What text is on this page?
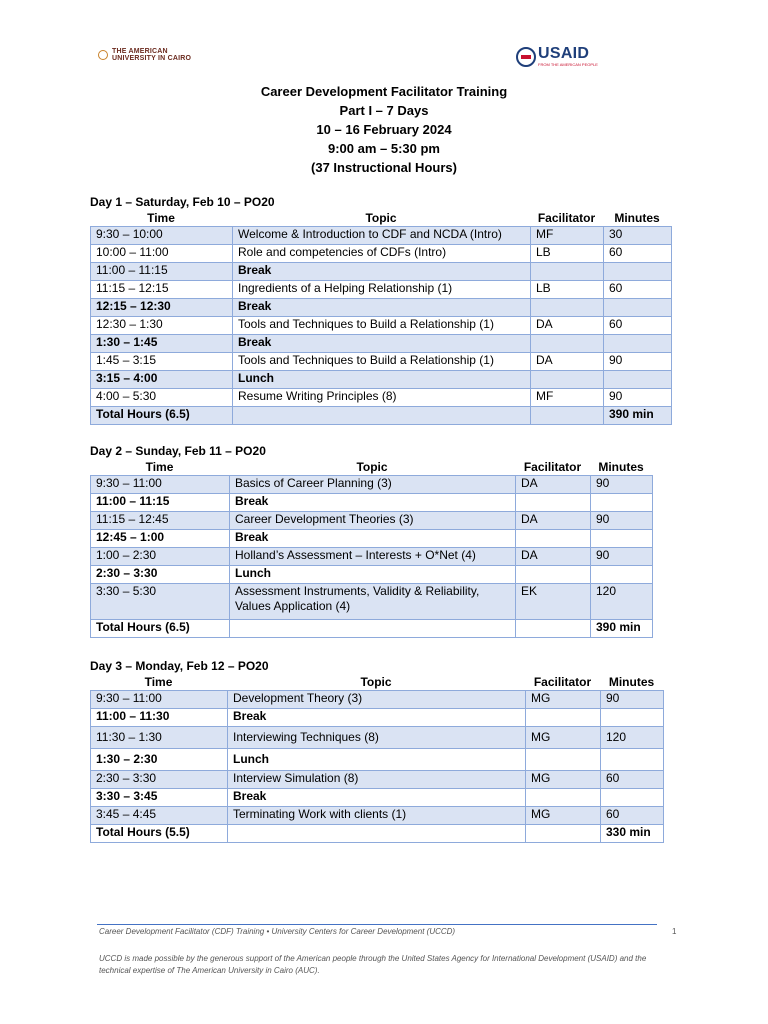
THE AMERICAN
UNIVERSITY IN CAIRO	USAID
FROM THE AMERICAN PEOPLE
Career Development Facilitator Training
Part I – 7 Days
10 – 16 February 2024
9:00 am – 5:30 pm
(37 Instructional Hours)
Day 1 – Saturday, Feb 10 – PO20
Time	Topic	Facilitator	Minutes
9:30 – 10:00	Welcome & Introduction to CDF and NCDA (Intro)	MF	30
10:00 – 11:00	Role and competencies of CDFs (Intro)	LB	60
11:00 – 11:15	Break		
11:15 – 12:15	Ingredients of a Helping Relationship (1)	LB	60
12:15 – 12:30	Break		
12:30 – 1:30	Tools and Techniques to Build a Relationship (1)	DA	60
1:30 – 1:45	Break		
1:45 – 3:15	Tools and Techniques to Build a Relationship (1)	DA	90
3:15 – 4:00	Lunch		
4:00 – 5:30	Resume Writing Principles (8)	MF	90
Total Hours (6.5)			390 min
Day 2 – Sunday, Feb 11 – PO20
Time	Topic	Facilitator	Minutes
9:30 – 11:00	Basics of Career Planning (3)	DA	90
11:00 – 11:15	Break		
11:15 – 12:45	Career Development Theories (3)	DA	90
12:45 – 1:00	Break		
1:00 – 2:30	Holland’s Assessment – Interests + O*Net (4)	DA	90
2:30 – 3:30	Lunch		
3:30 – 5:30	Assessment Instruments, Validity & Reliability, Values Application (4)	EK	120
Total Hours (6.5)			390 min
Day 3 – Monday, Feb 12 – PO20
Time	Topic	Facilitator	Minutes
9:30 – 11:00	Development Theory (3)	MG	90
11:00 – 11:30	Break		
11:30 – 1:30	Interviewing Techniques (8)	MG	120
1:30 – 2:30	Lunch		
2:30 – 3:30	Interview Simulation (8)	MG	60
3:30 – 3:45	Break		
3:45 – 4:45	Terminating Work with clients (1)	MG	60
Total Hours (5.5)			330 min
Career Development Facilitator (CDF) Training • University Centers for Career Development (UCCD)	1
UCCD is made possible by the generous support of the American people through the United States Agency for International Development (USAID) and the technical expertise of The American University in Cairo (AUC).
